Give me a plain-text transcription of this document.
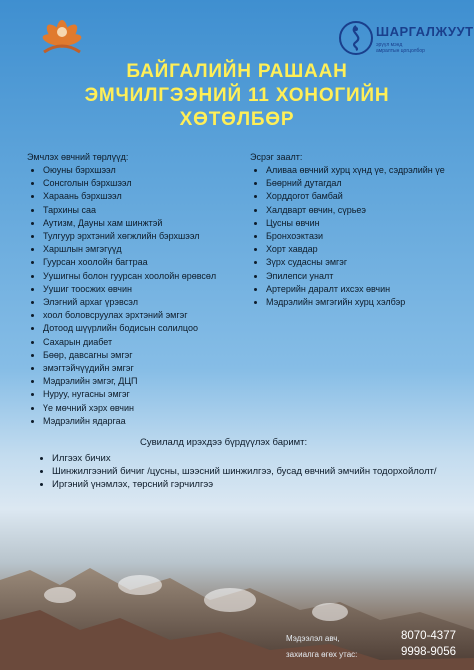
ШАРГАЛЖУУТ
эрүүл мэнд
амралтын цогцолбор
БАЙГАЛИЙН РАШААН
ЭМЧИЛГЭЭНИЙ 11 ХОНОГИЙН
ХӨТӨЛБӨР
Эмчлэх өвчний төрлүүд:
• Оюуны бэрхшээл
• Сонсголын бэрхшээл
• Хараань бэрхшээл
• Тархины саа
• Аутизм, Дауны хам шинжтэй
• Тулгуур эрхтэний хөгжлийн бэрхшээл
• Харшлын эмгэгүүд
• Гуурсан хоолойн багтраа
• Уушигны болон гуурсан хоолойн өрөвсөл
• Уушиг тоосжих өвчин
• Элэгний архаг үрэвсэл
• хоол боловсруулах эрхтэний эмгэг
• Дотоод шүүрлийн бодисын солилцоо
• Сахарын диабет
• Бөөр, давсагны эмгэг
• эмэгтэйчүүдийн эмгэг
• Мэдрэлийн эмгэг, ДЦП
• Нуруу, нугасны эмгэг
• Үе мөчний хэрх өвчин
• Мэдрэлийн ядаргаа
Эсрэг заалт:
• Аливаа өвчний хурц хүнд үе, сэдрэлийн үе
• Бөөрний дутагдал
• Хорддогот бамбай
• Халдварт өвчин, сүрьеэ
• Цусны өвчин
• Бронхоэктази
• Хорт хавдар
• Зүрх судасны эмгэг
• Эпилепси уналт
• Артерийн даралт ихсэх өвчин
• Мэдрэлийн эмгэгийн хурц хэлбэр
Сувилалд ирэхдээ бүрдүүлэх баримт:
• Илгээх бичих
• Шинжилгээний бичиг /цусны, шээсний шинжилгээ, бусад өвчний эмчийн тодорхойлолт/
• Иргэний үнэмлэх, төрсний гэрчилгээ
Мэдээлэл авч,	8070-4377
захиалга өгөх утас:	9998-9056
